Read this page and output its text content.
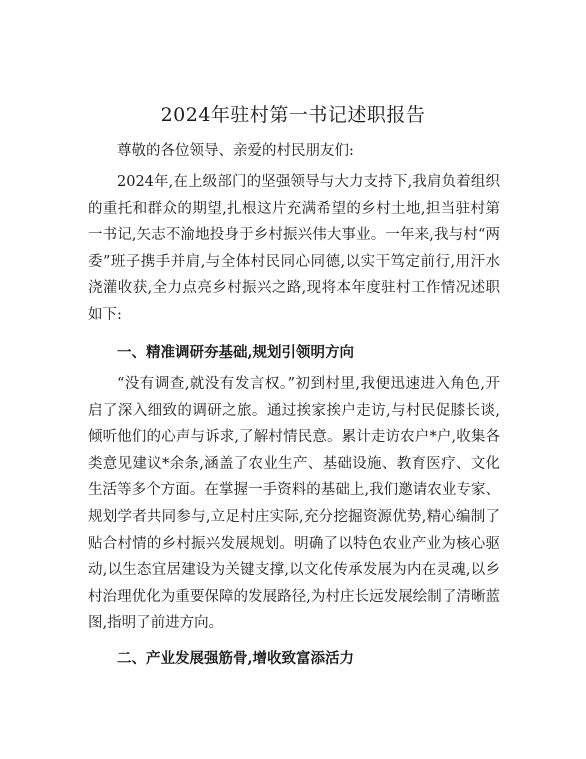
2024年驻村第一书记述职报告

尊敬的各位领导、亲爱的村民朋友们:

2024年,在上级部门的坚强领导与大力支持下,我肩负着组织的重托和群众的期望,扎根这片充满希望的乡村土地,担当驻村第一书记,矢志不渝地投身于乡村振兴伟大事业。一年来,我与村“两委”班子携手并肩,与全体村民同心同德,以实干笃定前行,用汗水浇灌收获,全力点亮乡村振兴之路,现将本年度驻村工作情况述职如下:

一、精准调研夯基础,规划引领明方向

“没有调查,就没有发言权。”初到村里,我便迅速进入角色,开启了深入细致的调研之旅。通过挨家挨户走访,与村民促膝长谈,倾听他们的心声与诉求,了解村情民意。累计走访农户*户,收集各类意见建议*余条,涵盖了农业生产、基础设施、教育医疗、文化生活等多个方面。在掌握一手资料的基础上,我们邀请农业专家、规划学者共同参与,立足村庄实际,充分挖掘资源优势,精心编制了贴合村情的乡村振兴发展规划。明确了以特色农业产业为核心驱动,以生态宜居建设为关键支撑,以文化传承发展为内在灵魂,以乡村治理优化为重要保障的发展路径,为村庄长远发展绘制了清晰蓝图,指明了前进方向。

二、产业发展强筋骨,增收致富添活力
